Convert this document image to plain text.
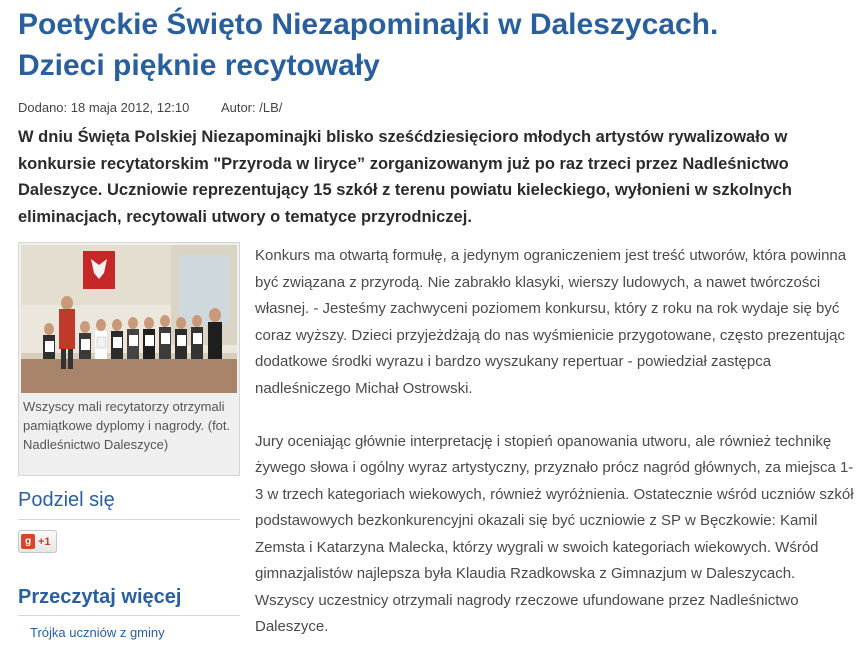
Poetyckie Święto Niezapominajki w Daleszycach.
Dzieci pięknie recytowały
Dodano: 18 maja 2012, 12:10 Autor: /LB/
W dniu Święta Polskiej Niezapominajki blisko sześćdziesięcioro młodych artystów rywalizowało w konkursie recytatorskim "Przyroda w liryce” zorganizowanym już po raz trzeci przez Nadleśnictwo Daleszyce. Uczniowie reprezentujący 15 szkół z terenu powiatu kieleckiego, wyłonieni w szkolnych eliminacjach, recytowali utwory o tematyce przyrodniczej.
Wszyscy mali recytatorzy otrzymali pamiątkowe dyplomy i nagrody. (fot. Nadleśnictwo Daleszyce)
Podziel się
g +1
Przeczytaj więcej
Trójka uczniów z gminy

Konkurs ma otwartą formułę, a jedynym ograniczeniem jest treść utworów, która powinna być związana z przyrodą. Nie zabrakło klasyki, wierszy ludowych, a nawet twórczości własnej. - Jesteśmy zachwyceni poziomem konkursu, który z roku na rok wydaje się być coraz wyższy. Dzieci przyjeżdżają do nas wyśmienicie przygotowane, często prezentując dodatkowe środki wyrazu i bardzo wyszukany repertuar - powiedział zastępca nadleśniczego Michał Ostrowski.

Jury oceniając głównie interpretację i stopień opanowania utworu, ale również technikę żywego słowa i ogólny wyraz artystyczny, przyznało prócz nagród głównych, za miejsca 1-3 w trzech kategoriach wiekowych, również wyróżnienia. Ostatecznie wśród uczniów szkół podstawowych bezkonkurencyjni okazali się być uczniowie z SP w Bęczkowie: Kamil Zemsta i Katarzyna Malecka, którzy wygrali w swoich kategoriach wiekowych. Wśród gimnazjalistów najlepsza była Klaudia Rzadkowska z Gimnazjum w Daleszycach. Wszyscy uczestnicy otrzymali nagrody rzeczowe ufundowane przez Nadleśnictwo Daleszyce.
